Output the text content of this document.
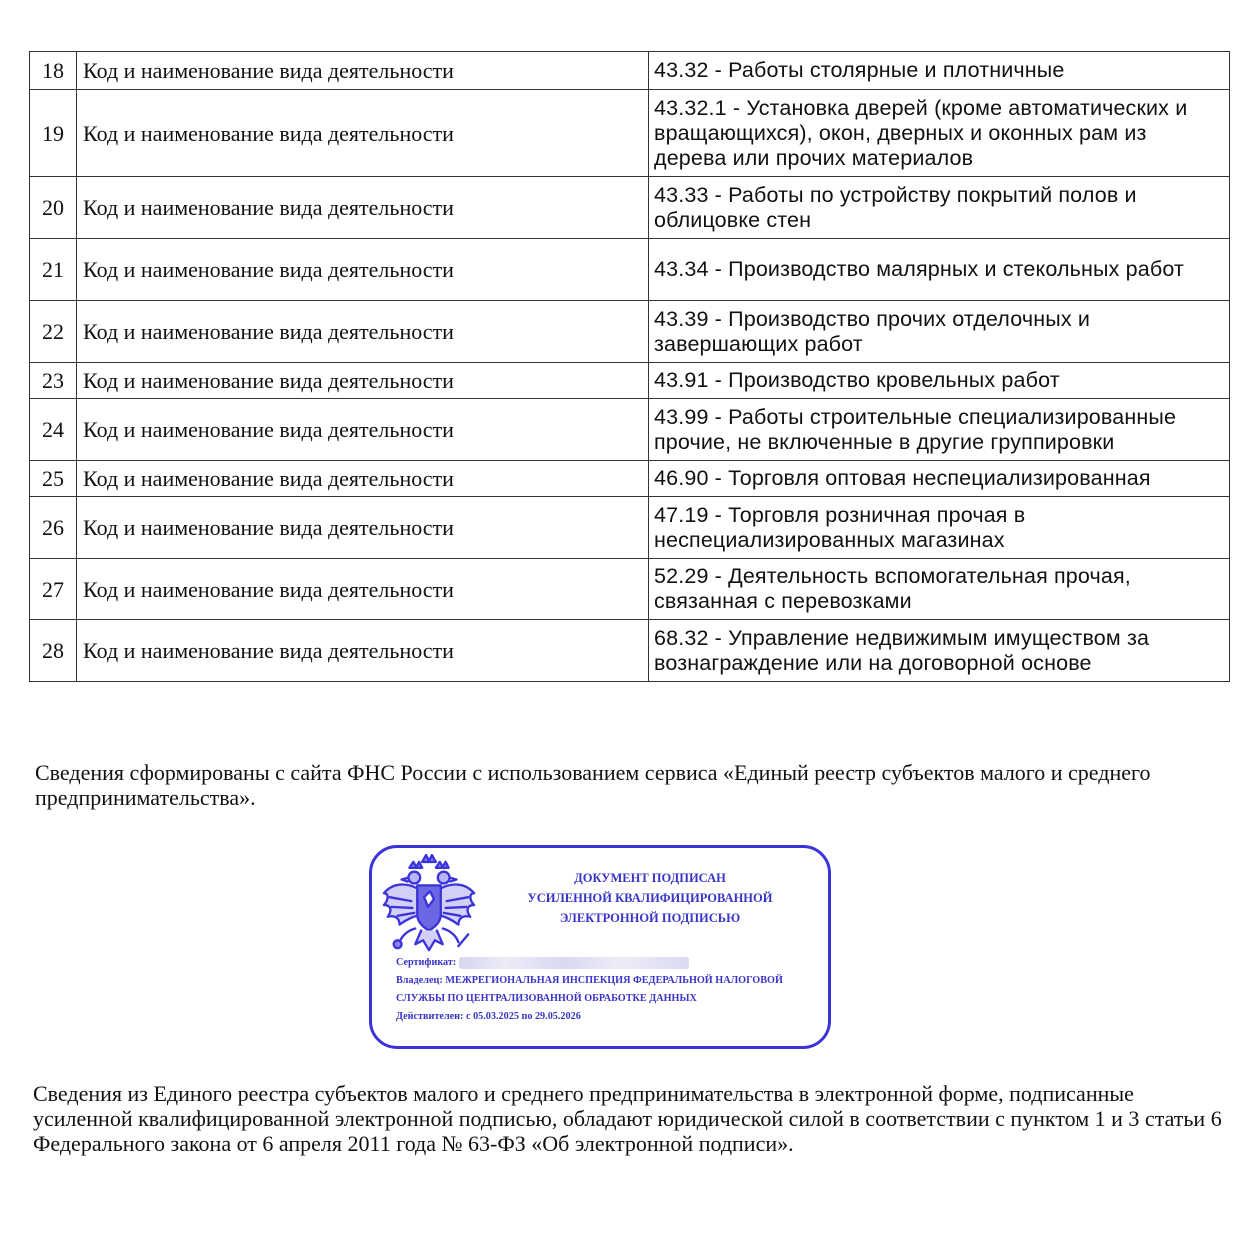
18	Код и наименование вида деятельности	43.32 - Работы столярные и плотничные
19	Код и наименование вида деятельности	43.32.1 - Установка дверей (кроме автоматических и вращающихся), окон, дверных и оконных рам из дерева или прочих материалов
20	Код и наименование вида деятельности	43.33 - Работы по устройству покрытий полов и облицовке стен
21	Код и наименование вида деятельности	43.34 - Производство малярных и стекольных работ
22	Код и наименование вида деятельности	43.39 - Производство прочих отделочных и завершающих работ
23	Код и наименование вида деятельности	43.91 - Производство кровельных работ
24	Код и наименование вида деятельности	43.99 - Работы строительные специализированные прочие, не включенные в другие группировки
25	Код и наименование вида деятельности	46.90 - Торговля оптовая неспециализированная
26	Код и наименование вида деятельности	47.19 - Торговля розничная прочая в неспециализированных магазинах
27	Код и наименование вида деятельности	52.29 - Деятельность вспомогательная прочая, связанная с перевозками
28	Код и наименование вида деятельности	68.32 - Управление недвижимым имуществом за вознаграждение или на договорной основе

Сведения сформированы с сайта ФНС России с использованием сервиса «Единый реестр субъектов малого и среднего предпринимательства».

ДОКУМЕНТ ПОДПИСАН
УСИЛЕННОЙ КВАЛИФИЦИРОВАННОЙ
ЭЛЕКТРОННОЙ ПОДПИСЬЮ
Сертификат:
Владелец: МЕЖРЕГИОНАЛЬНАЯ ИНСПЕКЦИЯ ФЕДЕРАЛЬНОЙ НАЛОГОВОЙ СЛУЖБЫ ПО ЦЕНТРАЛИЗОВАННОЙ ОБРАБОТКЕ ДАННЫХ
Действителен: с 05.03.2025 по 29.05.2026

Сведения из Единого реестра субъектов малого и среднего предпринимательства в электронной форме, подписанные усиленной квалифицированной электронной подписью, обладают юридической силой в соответствии с пунктом 1 и 3 статьи 6 Федерального закона от 6 апреля 2011 года № 63-ФЗ «Об электронной подписи».
